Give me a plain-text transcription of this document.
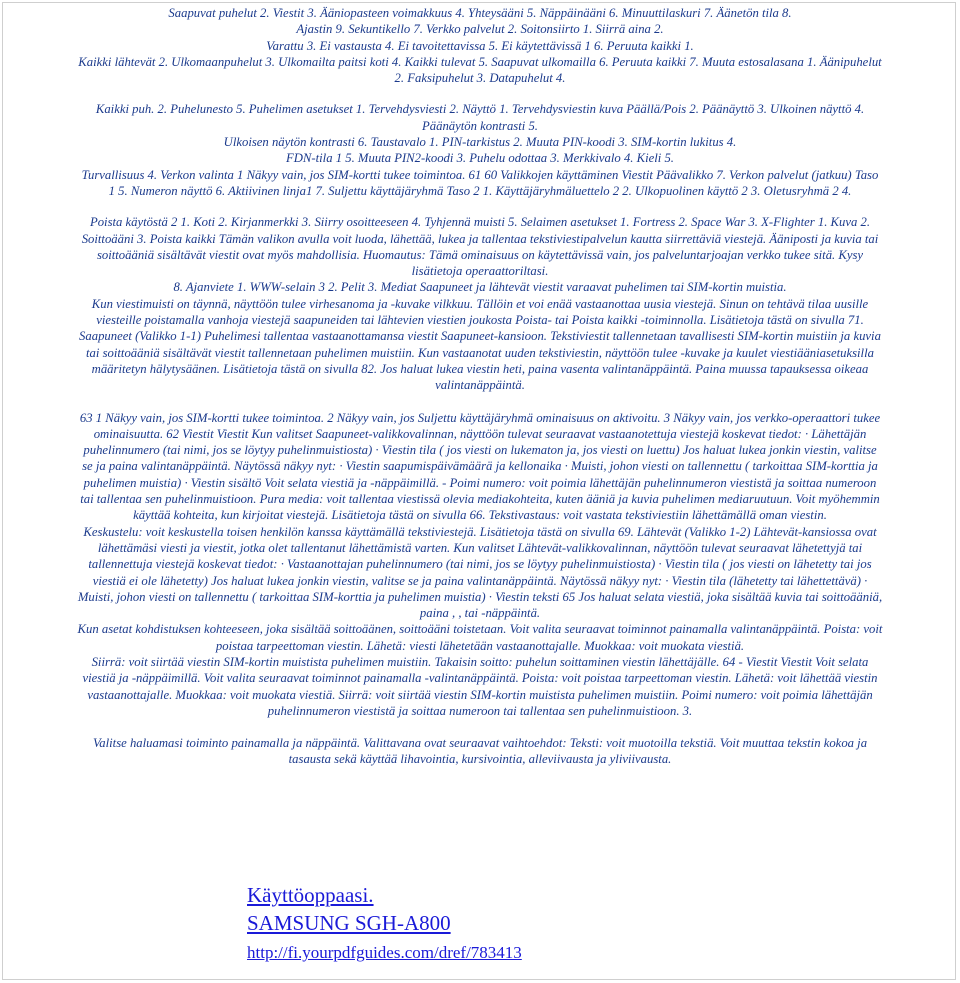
Saapuvat puhelut 2. Viestit 3. Ääniopasteen voimakkuus 4. Yhteysääni 5. Näppäinääni 6. Minuuttilaskuri 7. Äänetön tila 8.

Ajastin 9. Sekuntikello 7. Verkko palvelut 2. Soitonsiirto 1. Siirrä aina 2.

Varattu 3. Ei vastausta 4. Ei tavoitettavissa 5. Ei käytettävissä 1 6. Peruuta kaikki 1.

Kaikki lähtevät 2. Ulkomaanpuhelut 3. Ulkomailta paitsi koti 4. Kaikki tulevat 5. Saapuvat ulkomailla 6. Peruuta kaikki 7. Muuta estosalasana 1. Äänipuhelut

2. Faksipuhelut 3. Datapuhelut 4.

Kaikki puh. 2. Puhelunesto 5. Puhelimen asetukset 1. Tervehdysviesti 2. Näyttö 1. Tervehdysviestin kuva Päällä/Pois 2. Päänäyttö 3. Ulkoinen näyttö 4.

Päänäytön kontrasti 5.

Ulkoisen näytön kontrasti 6. Taustavalo 1. PIN-tarkistus 2. Muuta PIN-koodi 3. SIM-kortin lukitus 4.

FDN-tila 1 5. Muuta PIN2-koodi 3. Puhelu odottaa 3. Merkkivalo 4. Kieli 5.

Turvallisuus 4. Verkon valinta 1 Näkyy vain, jos SIM-kortti tukee toimintoa. 61 60 Valikkojen käyttäminen Viestit Päävalikko 7. Verkon palvelut (jatkuu) Taso

1 5. Numeron näyttö 6. Aktiivinen linja1 7. Suljettu käyttäjäryhmä Taso 2 1. Käyttäjäryhmäluettelo 2 2. Ulkopuolinen käyttö 2 3. Oletusryhmä 2 4.

Poista käytöstä 2 1. Koti 2. Kirjanmerkki 3. Siirry osoitteeseen 4. Tyhjennä muisti 5. Selaimen asetukset 1. Fortress 2. Space War 3. X-Flighter 1. Kuva 2.

Soittoääni 3. Poista kaikki Tämän valikon avulla voit luoda, lähettää, lukea ja tallentaa tekstiviestipalvelun kautta siirrettäviä viestejä. Ääniposti ja kuvia tai

soittoääniä sisältävät viestit ovat myös mahdollisia. Huomautus: Tämä ominaisuus on käytettävissä vain, jos palveluntarjoajan verkko tukee sitä. Kysy

lisätietoja operaattoriltasi.

8. Ajanviete 1. WWW-selain 3 2. Pelit 3. Mediat Saapuneet ja lähtevät viestit varaavat puhelimen tai SIM-kortin muistia.

Kun viestimuisti on täynnä, näyttöön tulee virhesanoma ja -kuvake vilkkuu. Tällöin et voi enää vastaanottaa uusia viestejä. Sinun on tehtävä tilaa uusille

viesteille poistamalla vanhoja viestejä saapuneiden tai lähtevien viestien joukosta Poista- tai Poista kaikki -toiminnolla. Lisätietoja tästä on sivulla 71.

Saapuneet (Valikko 1-1) Puhelimesi tallentaa vastaanottamansa viestit Saapuneet-kansioon. Tekstiviestit tallennetaan tavallisesti SIM-kortin muistiin ja kuvia

tai soittoääniä sisältävät viestit tallennetaan puhelimen muistiin. Kun vastaanotat uuden tekstiviestin, näyttöön tulee -kuvake ja kuulet viestiääniasetuksilla

määritetyn hälytysäänen. Lisätietoja tästä on sivulla 82. Jos haluat lukea viestin heti, paina vasenta valintanäppäintä. Paina muussa tapauksessa oikeaa

valintanäppäintä.

63 1 Näkyy vain, jos SIM-kortti tukee toimintoa. 2 Näkyy vain, jos Suljettu käyttäjäryhmä ominaisuus on aktivoitu. 3 Näkyy vain, jos verkko-operaattori tukee

ominaisuutta. 62 Viestit Viestit Kun valitset Saapuneet-valikkovalinnan, näyttöön tulevat seuraavat vastaanotettuja viestejä koskevat tiedot: · Lähettäjän

puhelinnumero (tai nimi, jos se löytyy puhelinmuistiosta) · Viestin tila ( jos viesti on lukematon ja, jos viesti on luettu) Jos haluat lukea jonkin viestin, valitse

se ja paina valintanäppäintä. Näytössä näkyy nyt: · Viestin saapumispäivämäärä ja kellonaika · Muisti, johon viesti on tallennettu ( tarkoittaa SIM-korttia ja

puhelimen muistia) · Viestin sisältö Voit selata viestiä ja -näppäimillä. - Poimi numero: voit poimia lähettäjän puhelinnumeron viestistä ja soittaa numeroon

tai tallentaa sen puhelinmuistioon. Pura media: voit tallentaa viestissä olevia mediakohteita, kuten ääniä ja kuvia puhelimen mediaruutuun. Voit myöhemmin

käyttää kohteita, kun kirjoitat viestejä. Lisätietoja tästä on sivulla 66. Tekstivastaus: voit vastata tekstiviestiin lähettämällä oman viestin.

Keskustelu: voit keskustella toisen henkilön kanssa käyttämällä tekstiviestejä. Lisätietoja tästä on sivulla 69. Lähtevät (Valikko 1-2) Lähtevät-kansiossa ovat

lähettämäsi viesti ja viestit, jotka olet tallentanut lähettämistä varten. Kun valitset Lähtevät-valikkovalinnan, näyttöön tulevat seuraavat lähetettyjä tai

tallennettuja viestejä koskevat tiedot: · Vastaanottajan puhelinnumero (tai nimi, jos se löytyy puhelinmuistiosta) · Viestin tila ( jos viesti on lähetetty tai jos

viestiä ei ole lähetetty) Jos haluat lukea jonkin viestin, valitse se ja paina valintanäppäintä. Näytössä näkyy nyt: · Viestin tila (lähetetty tai lähettettävä) ·

Muisti, johon viesti on tallennettu ( tarkoittaa SIM-korttia ja puhelimen muistia) · Viestin teksti 65 Jos haluat selata viestiä, joka sisältää kuvia tai soittoääniä,

paina , , tai -näppäintä.

Kun asetat kohdistuksen kohteeseen, joka sisältää soittoäänen, soittoääni toistetaan. Voit valita seuraavat toiminnot painamalla valintanäppäintä. Poista: voit

poistaa tarpeettoman viestin. Lähetä: viesti lähetetään vastaanottajalle. Muokkaa: voit muokata viestiä.

Siirrä: voit siirtää viestin SIM-kortin muistista puhelimen muistiin. Takaisin soitto: puhelun soittaminen viestin lähettäjälle. 64 - Viestit Viestit Voit selata

viestiä ja -näppäimillä. Voit valita seuraavat toiminnot painamalla -valintanäppäintä. Poista: voit poistaa tarpeettoman viestin. Lähetä: voit lähettää viestin

vastaanottajalle. Muokkaa: voit muokata viestiä. Siirrä: voit siirtää viestin SIM-kortin muistista puhelimen muistiin. Poimi numero: voit poimia lähettäjän

puhelinnumeron viestistä ja soittaa numeroon tai tallentaa sen puhelinmuistioon. 3.

Valitse haluamasi toiminto painamalla ja näppäintä. Valittavana ovat seuraavat vaihtoehdot: Teksti: voit muotoilla tekstiä. Voit muuttaa tekstin kokoa ja

tasausta sekä käyttää lihavointia, kursivointia, alleviivausta ja yliviivausta.

Käyttöoppaasi.
SAMSUNG SGH-A800
http://fi.yourpdfguides.com/dref/783413
